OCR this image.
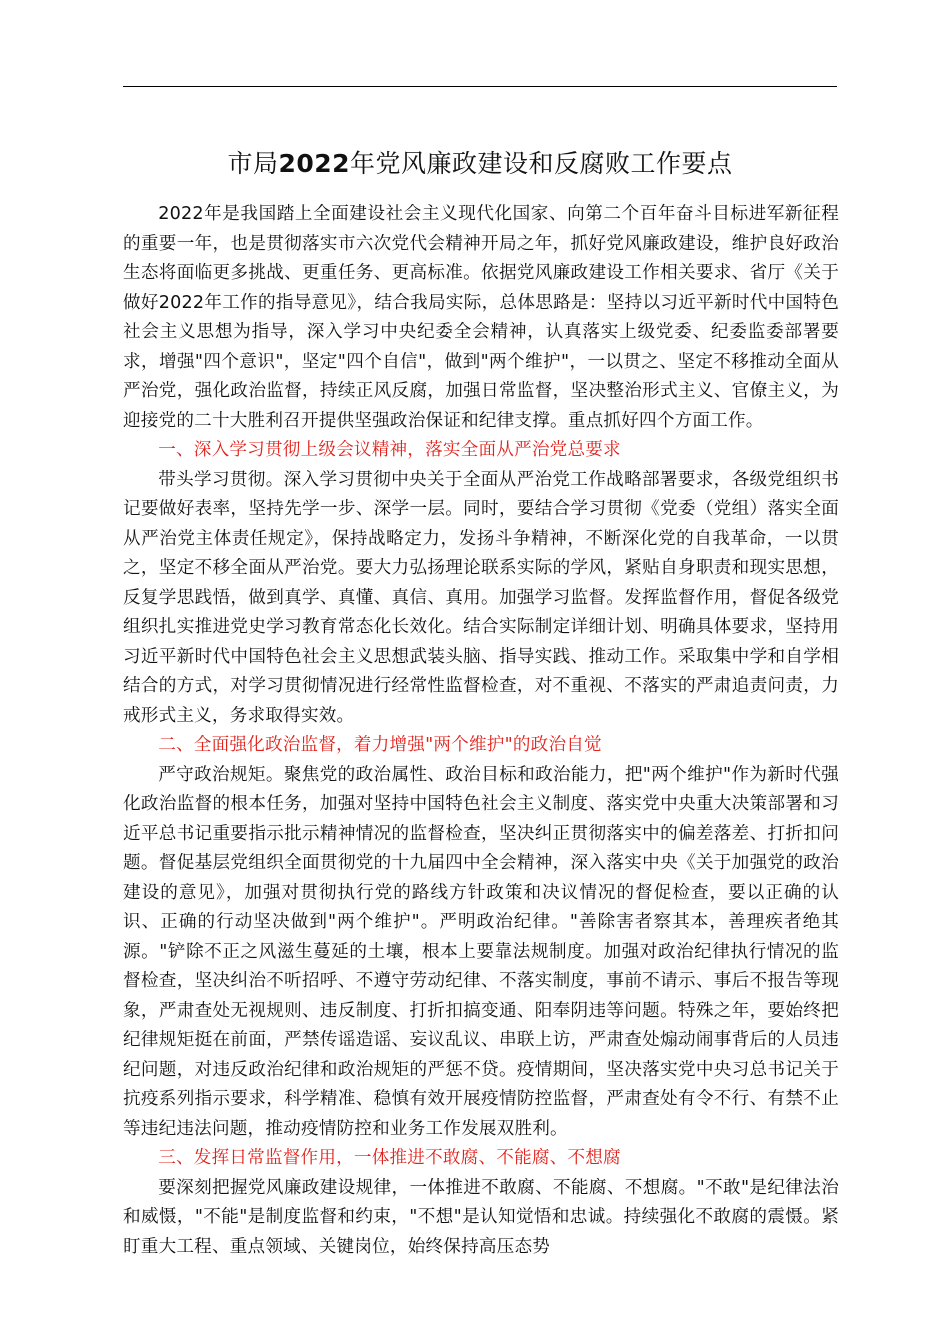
市局2022年党风廉政建设和反腐败工作要点

2022年是我国踏上全面建设社会主义现代化国家、向第二个百年奋斗目标进军新征程的重要一年，也是贯彻落实市六次党代会精神开局之年，抓好党风廉政建设，维护良好政治生态将面临更多挑战、更重任务、更高标准。依据党风廉政建设工作相关要求、省厅《关于做好2022年工作的指导意见》，结合我局实际，总体思路是：坚持以习近平新时代中国特色社会主义思想为指导，深入学习中央纪委全会精神，认真落实上级党委、纪委监委部署要求，增强"四个意识"，坚定"四个自信"，做到"两个维护"，一以贯之、坚定不移推动全面从严治党，强化政治监督，持续正风反腐，加强日常监督，坚决整治形式主义、官僚主义，为迎接党的二十大胜利召开提供坚强政治保证和纪律支撑。重点抓好四个方面工作。

一、深入学习贯彻上级会议精神，落实全面从严治党总要求

带头学习贯彻。深入学习贯彻中央关于全面从严治党工作战略部署要求，各级党组织书记要做好表率，坚持先学一步、深学一层。同时，要结合学习贯彻《党委（党组）落实全面从严治党主体责任规定》，保持战略定力，发扬斗争精神，不断深化党的自我革命，一以贯之，坚定不移全面从严治党。要大力弘扬理论联系实际的学风，紧贴自身职责和现实思想，反复学思践悟，做到真学、真懂、真信、真用。加强学习监督。发挥监督作用，督促各级党组织扎实推进党史学习教育常态化长效化。结合实际制定详细计划、明确具体要求，坚持用习近平新时代中国特色社会主义思想武装头脑、指导实践、推动工作。采取集中学和自学相结合的方式，对学习贯彻情况进行经常性监督检查，对不重视、不落实的严肃追责问责，力戒形式主义，务求取得实效。

二、全面强化政治监督，着力增强"两个维护"的政治自觉

严守政治规矩。聚焦党的政治属性、政治目标和政治能力，把"两个维护"作为新时代强化政治监督的根本任务，加强对坚持中国特色社会主义制度、落实党中央重大决策部署和习近平总书记重要指示批示精神情况的监督检查，坚决纠正贯彻落实中的偏差落差、打折扣问题。督促基层党组织全面贯彻党的十九届四中全会精神，深入落实中央《关于加强党的政治建设的意见》，加强对贯彻执行党的路线方针政策和决议情况的督促检查，要以正确的认识、正确的行动坚决做到"两个维护"。严明政治纪律。"善除害者察其本，善理疾者绝其源。"铲除不正之风滋生蔓延的土壤，根本上要靠法规制度。加强对政治纪律执行情况的监督检查，坚决纠治不听招呼、不遵守劳动纪律、不落实制度，事前不请示、事后不报告等现象，严肃查处无视规则、违反制度、打折扣搞变通、阳奉阴违等问题。特殊之年，要始终把纪律规矩挺在前面，严禁传谣造谣、妄议乱议、串联上访，严肃查处煽动闹事背后的人员违纪问题，对违反政治纪律和政治规矩的严惩不贷。疫情期间，坚决落实党中央习总书记关于抗疫系列指示要求，科学精准、稳慎有效开展疫情防控监督，严肃查处有令不行、有禁不止等违纪违法问题，推动疫情防控和业务工作发展双胜利。

三、发挥日常监督作用，一体推进不敢腐、不能腐、不想腐

要深刻把握党风廉政建设规律，一体推进不敢腐、不能腐、不想腐。"不敢"是纪律法治和威慑，"不能"是制度监督和约束，"不想"是认知觉悟和忠诚。持续强化不敢腐的震慑。紧盯重大工程、重点领域、关键岗位，始终保持高压态势
